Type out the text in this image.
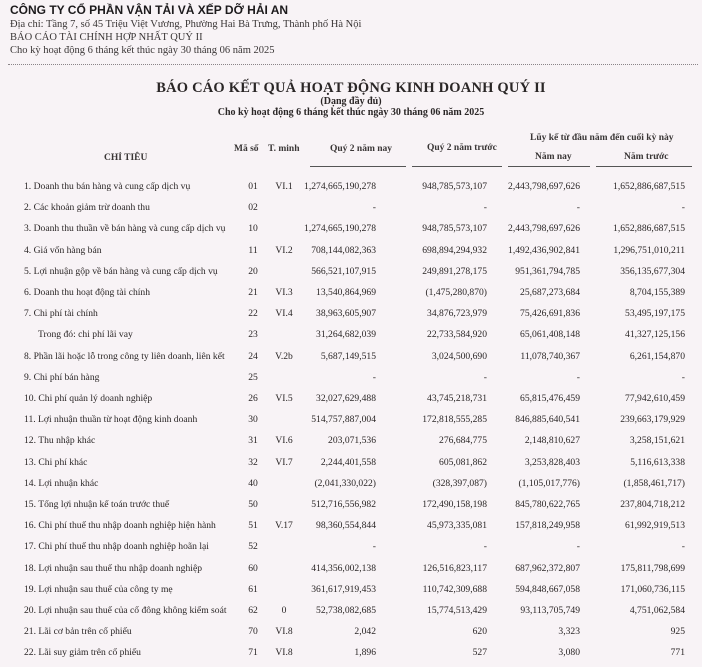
CÔNG TY CỔ PHẦN VẬN TẢI VÀ XẾP DỠ HẢI AN
Địa chỉ: Tầng 7, số 45 Triệu Việt Vương, Phường Hai Bà Trưng, Thành phố Hà Nội
BÁO CÁO TÀI CHÍNH HỢP NHẤT QUÝ II
Cho kỳ hoạt động 6 tháng kết thúc ngày 30 tháng 06 năm 2025
BÁO CÁO KẾT QUẢ HOẠT ĐỘNG KINH DOANH QUÝ II
(Dạng đầy đủ)
Cho kỳ hoạt động 6 tháng kết thúc ngày 30 tháng 06 năm 2025
CHỈ TIÊU
Mã số T. minh	Quý 2 năm nay	Quý 2 năm trước
Lũy kế từ đầu năm đến cuối kỳ này
Năm nay	Năm trước
1. Doanh thu bán hàng và cung cấp dịch vụ	01	VI.1	1,274,665,190,278	948,785,573,107 2,443,798,697,626	1,652,886,687,515
2. Các khoản giảm trừ doanh thu	02	-	-	-	-
3. Doanh thu thuần về bán hàng và cung cấp dịch vụ	10	1,274,665,190,278	948,785,573,107 2,443,798,697,626	1,652,886,687,515
4. Giá vốn hàng bán	11	VI.2	708,144,082,363	698,894,294,932 1,492,436,902,841	1,296,751,010,211
5. Lợi nhuận gộp về bán hàng và cung cấp dịch vụ	20	566,521,107,915	249,891,278,175	951,361,794,785	356,135,677,304
6. Doanh thu hoạt động tài chính	21	VI.3	13,540,864,969	(1,475,280,870)	25,687,273,684	8,704,155,389
7. Chi phí tài chính	22	VI.4	38,963,605,907	34,876,723,979	75,426,691,836	53,495,197,175
Trong đó: chi phí lãi vay	23	31,264,682,039	22,733,584,920	65,061,408,148	41,327,125,156
8. Phần lãi hoặc lỗ trong công ty liên doanh, liên kết	24	V.2b	5,687,149,515	3,024,500,690	11,078,740,367	6,261,154,870
9. Chi phí bán hàng	25	-	-	-	-
10. Chi phí quản lý doanh nghiệp	26	VI.5	32,027,629,488	43,745,218,731	65,815,476,459	77,942,610,459
11. Lợi nhuận thuần từ hoạt động kinh doanh	30	514,757,887,004	172,818,555,285	846,885,640,541	239,663,179,929
12. Thu nhập khác	31	VI.6	203,071,536	276,684,775	2,148,810,627	3,258,151,621
13. Chi phí khác	32	VI.7	2,244,401,558	605,081,862	3,253,828,403	5,116,613,338
14. Lợi nhuận khác	40	(2,041,330,022)	(328,397,087)	(1,105,017,776)	(1,858,461,717)
15. Tổng lợi nhuận kế toán trước thuế	50	512,716,556,982	172,490,158,198	845,780,622,765	237,804,718,212
16. Chi phí thuế thu nhập doanh nghiệp hiện hành	51	V.17	98,360,554,844	45,973,335,081	157,818,249,958	61,992,919,513
17. Chi phí thuế thu nhập doanh nghiệp hoãn lại	52	-	-	-	-
18. Lợi nhuận sau thuế thu nhập doanh nghiệp	60	414,356,002,138	126,516,823,117	687,962,372,807	175,811,798,699
19. Lợi nhuận sau thuế của công ty mẹ	61	361,617,919,453	110,742,309,688	594,848,667,058	171,060,736,115
20. Lợi nhuận sau thuế của cổ đông không kiểm soát	62	0	52,738,082,685	15,774,513,429	93,113,705,749	4,751,062,584
21. Lãi cơ bản trên cổ phiếu	70	VI.8	2,042	620	3,323	925
22. Lãi suy giảm trên cổ phiếu	71	VI.8	1,896	527	3,080	771
